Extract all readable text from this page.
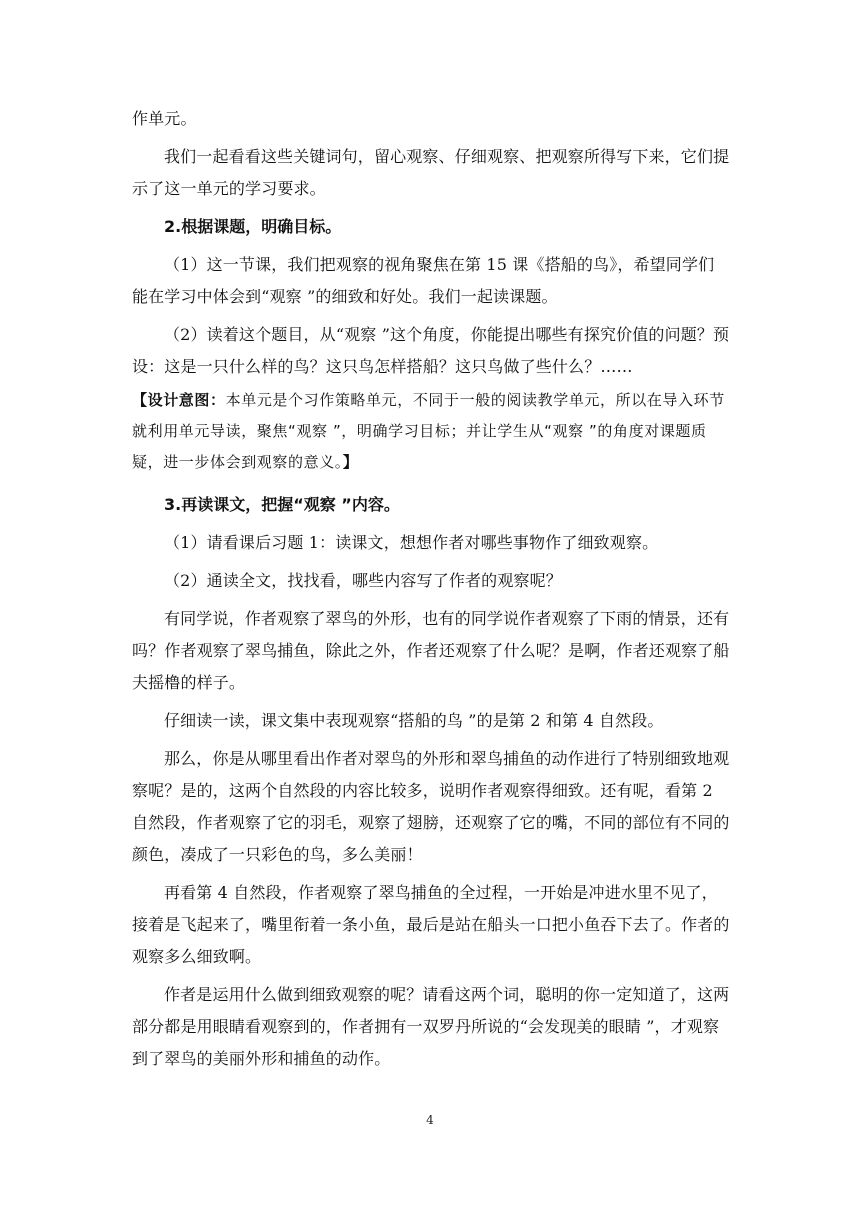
作单元。

我们一起看看这些关键词句，留心观察、仔细观察、把观察所得写下来，它们提示了这一单元的学习要求。

2.根据课题，明确目标。

（1）这一节课，我们把观察的视角聚焦在第 15 课《搭船的鸟》，希望同学们能在学习中体会到“观察 ”的细致和好处。我们一起读课题。

（2）读着这个题目，从“观察 ”这个角度，你能提出哪些有探究价值的问题？预设：这是一只什么样的鸟？这只鸟怎样搭船？这只鸟做了些什么？……

【设计意图：本单元是个习作策略单元，不同于一般的阅读教学单元，所以在导入环节就利用单元导读，聚焦“观察 ”，明确学习目标；并让学生从“观察 ”的角度对课题质疑，进一步体会到观察的意义。】

3.再读课文，把握“观察 ”内容。

（1）请看课后习题 1：读课文，想想作者对哪些事物作了细致观察。

（2）通读全文，找找看，哪些内容写了作者的观察呢？

有同学说，作者观察了翠鸟的外形，也有的同学说作者观察了下雨的情景，还有吗？作者观察了翠鸟捕鱼，除此之外，作者还观察了什么呢？是啊，作者还观察了船夫摇橹的样子。

仔细读一读，课文集中表现观察“搭船的鸟 ”的是第 2 和第 4 自然段。

那么，你是从哪里看出作者对翠鸟的外形和翠鸟捕鱼的动作进行了特别细致地观察呢？是的，这两个自然段的内容比较多，说明作者观察得细致。还有呢，看第 2 自然段，作者观察了它的羽毛，观察了翅膀，还观察了它的嘴，不同的部位有不同的颜色，凑成了一只彩色的鸟，多么美丽！

再看第 4 自然段，作者观察了翠鸟捕鱼的全过程，一开始是冲进水里不见了，接着是飞起来了，嘴里衔着一条小鱼，最后是站在船头一口把小鱼吞下去了。作者的观察多么细致啊。

作者是运用什么做到细致观察的呢？请看这两个词，聪明的你一定知道了，这两部分都是用眼睛看观察到的，作者拥有一双罗丹所说的“会发现美的眼睛 ”，才观察到了翠鸟的美丽外形和捕鱼的动作。

4
